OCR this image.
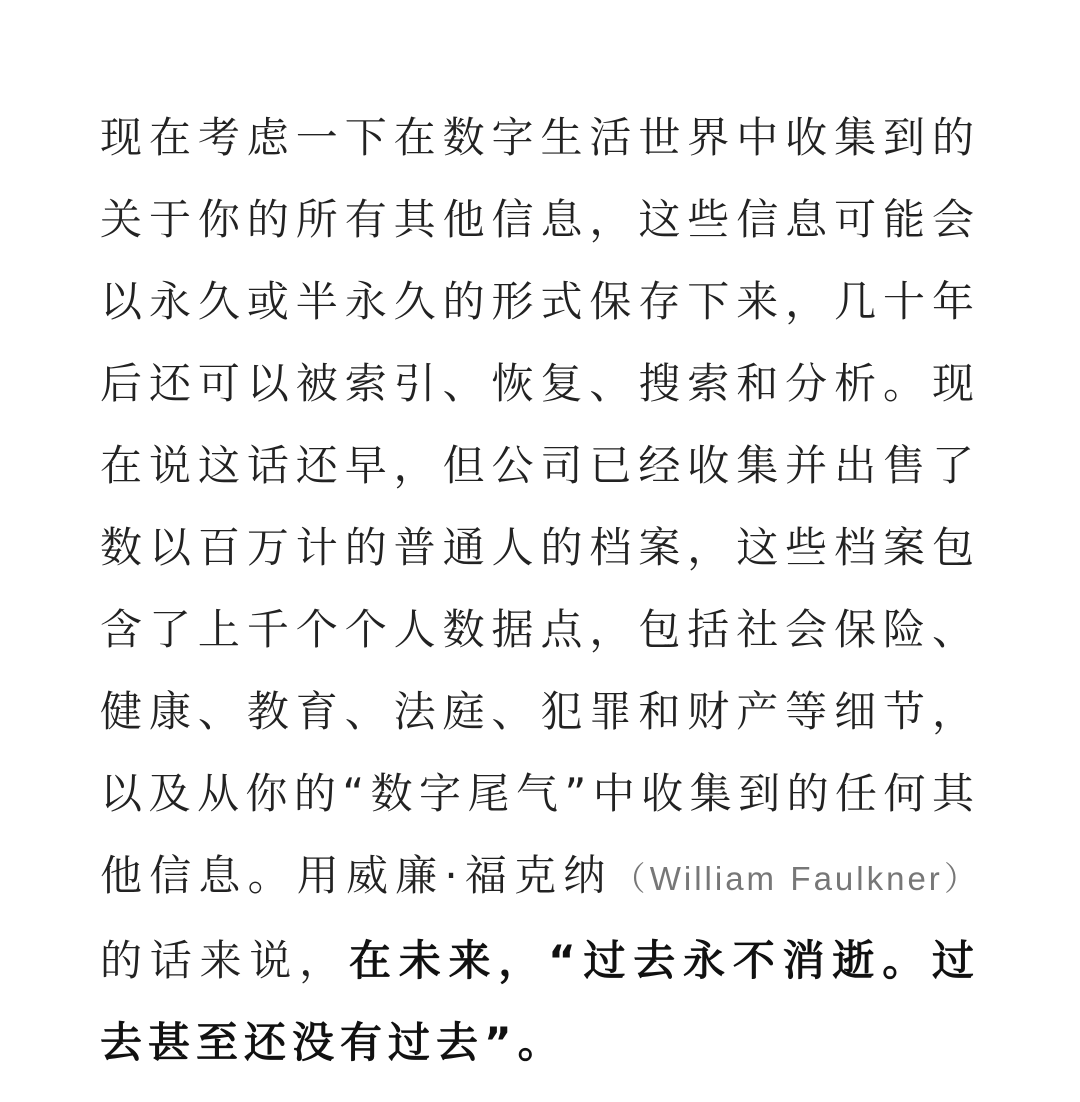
现在考虑一下在数字生活世界中收集到的关于你的所有其他信息，这些信息可能会以永久或半永久的形式保存下来，几十年后还可以被索引、恢复、搜索和分析。现在说这话还早，但公司已经收集并出售了数以百万计的普通人的档案，这些档案包含了上千个个人数据点，包括社会保险、健康、教育、法庭、犯罪和财产等细节，以及从你的“数字尾气”中收集到的任何其他信息。用威廉·福克纳（William Faulkner）的话来说，在未来，“过去永不消逝。过去甚至还没有过去”。
